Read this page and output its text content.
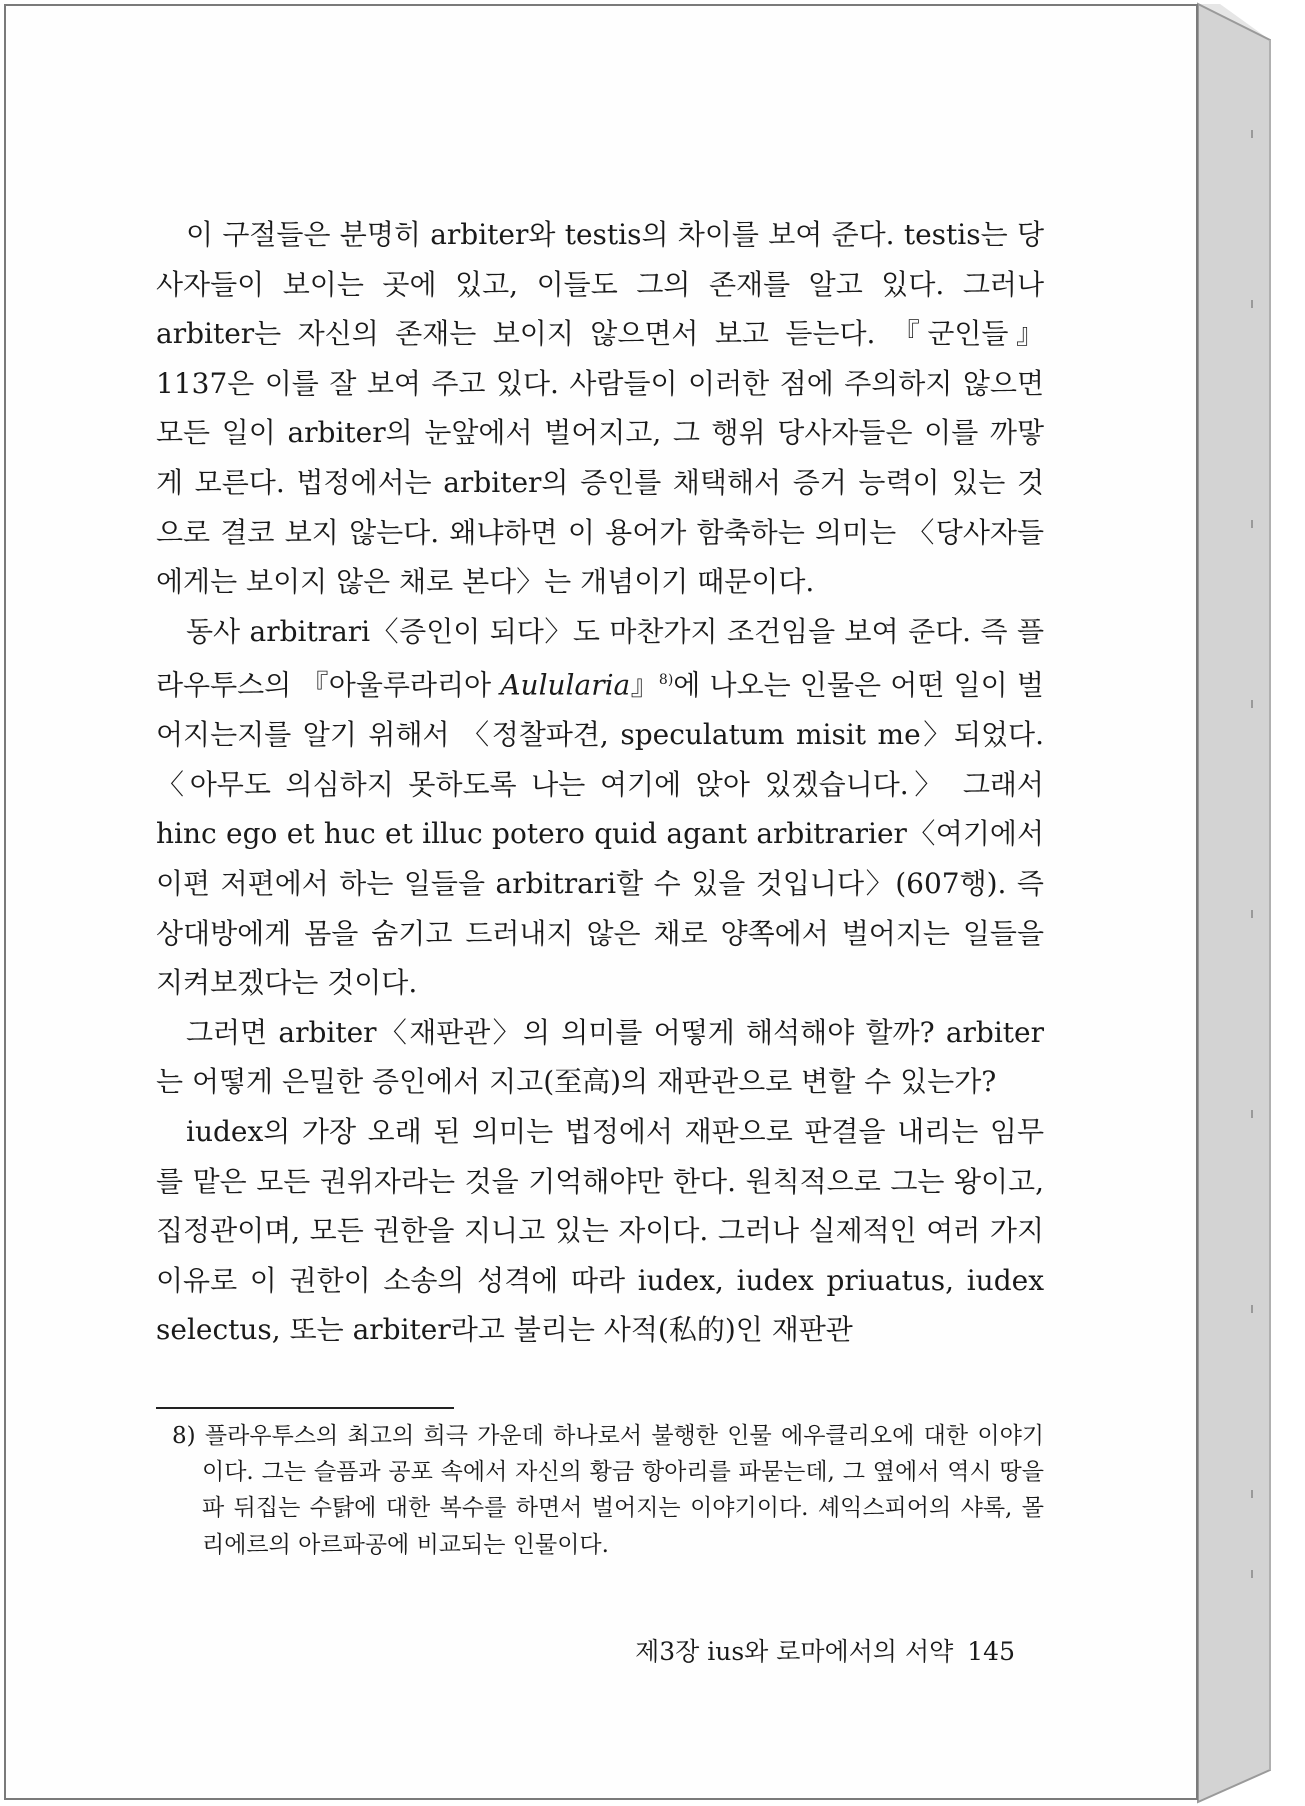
이 구절들은 분명히 arbiter와 testis의 차이를 보여 준다. testis는 당사자들이 보이는 곳에 있고, 이들도 그의 존재를 알고 있다. 그러나 arbiter는 자신의 존재는 보이지 않으면서 보고 듣는다. 『군인들』 1137은 이를 잘 보여 주고 있다. 사람들이 이러한 점에 주의하지 않으면 모든 일이 arbiter의 눈앞에서 벌어지고, 그 행위 당사자들은 이를 까맣게 모른다. 법정에서는 arbiter의 증인를 채택해서 증거 능력이 있는 것으로 결코 보지 않는다. 왜냐하면 이 용어가 함축하는 의미는 〈당사자들에게는 보이지 않은 채로 본다〉는 개념이기 때문이다.

동사 arbitrari〈증인이 되다〉도 마찬가지 조건임을 보여 준다. 즉 플라우투스의 『아울루라리아 Aulularia』$^{8)}$에 나오는 인물은 어떤 일이 벌어지는지를 알기 위해서 〈정찰파견, speculatum misit me〉되었다. 〈아무도 의심하지 못하도록 나는 여기에 앉아 있겠습니다.〉 그래서 hinc ego et huc et illuc potero quid agant arbitrarier〈여기에서 이편 저편에서 하는 일들을 arbitrari할 수 있을 것입니다〉(607행). 즉 상대방에게 몸을 숨기고 드러내지 않은 채로 양쪽에서 벌어지는 일들을 지켜보겠다는 것이다.

그러면 arbiter〈재판관〉의 의미를 어떻게 해석해야 할까? arbiter는 어떻게 은밀한 증인에서 지고(至高)의 재판관으로 변할 수 있는가?

iudex의 가장 오래 된 의미는 법정에서 재판으로 판결을 내리는 임무를 맡은 모든 권위자라는 것을 기억해야만 한다. 원칙적으로 그는 왕이고, 집정관이며, 모든 권한을 지니고 있는 자이다. 그러나 실제적인 여러 가지 이유로 이 권한이 소송의 성격에 따라 iudex, iudex priuatus, iudex selectus, 또는 arbiter라고 불리는 사적(私的)인 재판관

8) 플라우투스의 최고의 희극 가운데 하나로서 불행한 인물 에우클리오에 대한 이야기이다. 그는 슬픔과 공포 속에서 자신의 황금 항아리를 파묻는데, 그 옆에서 역시 땅을 파 뒤집는 수탉에 대한 복수를 하면서 벌어지는 이야기이다. 셰익스피어의 샤록, 몰리에르의 아르파공에 비교되는 인물이다.

제3장 ius와 로마에서의 서약 145
